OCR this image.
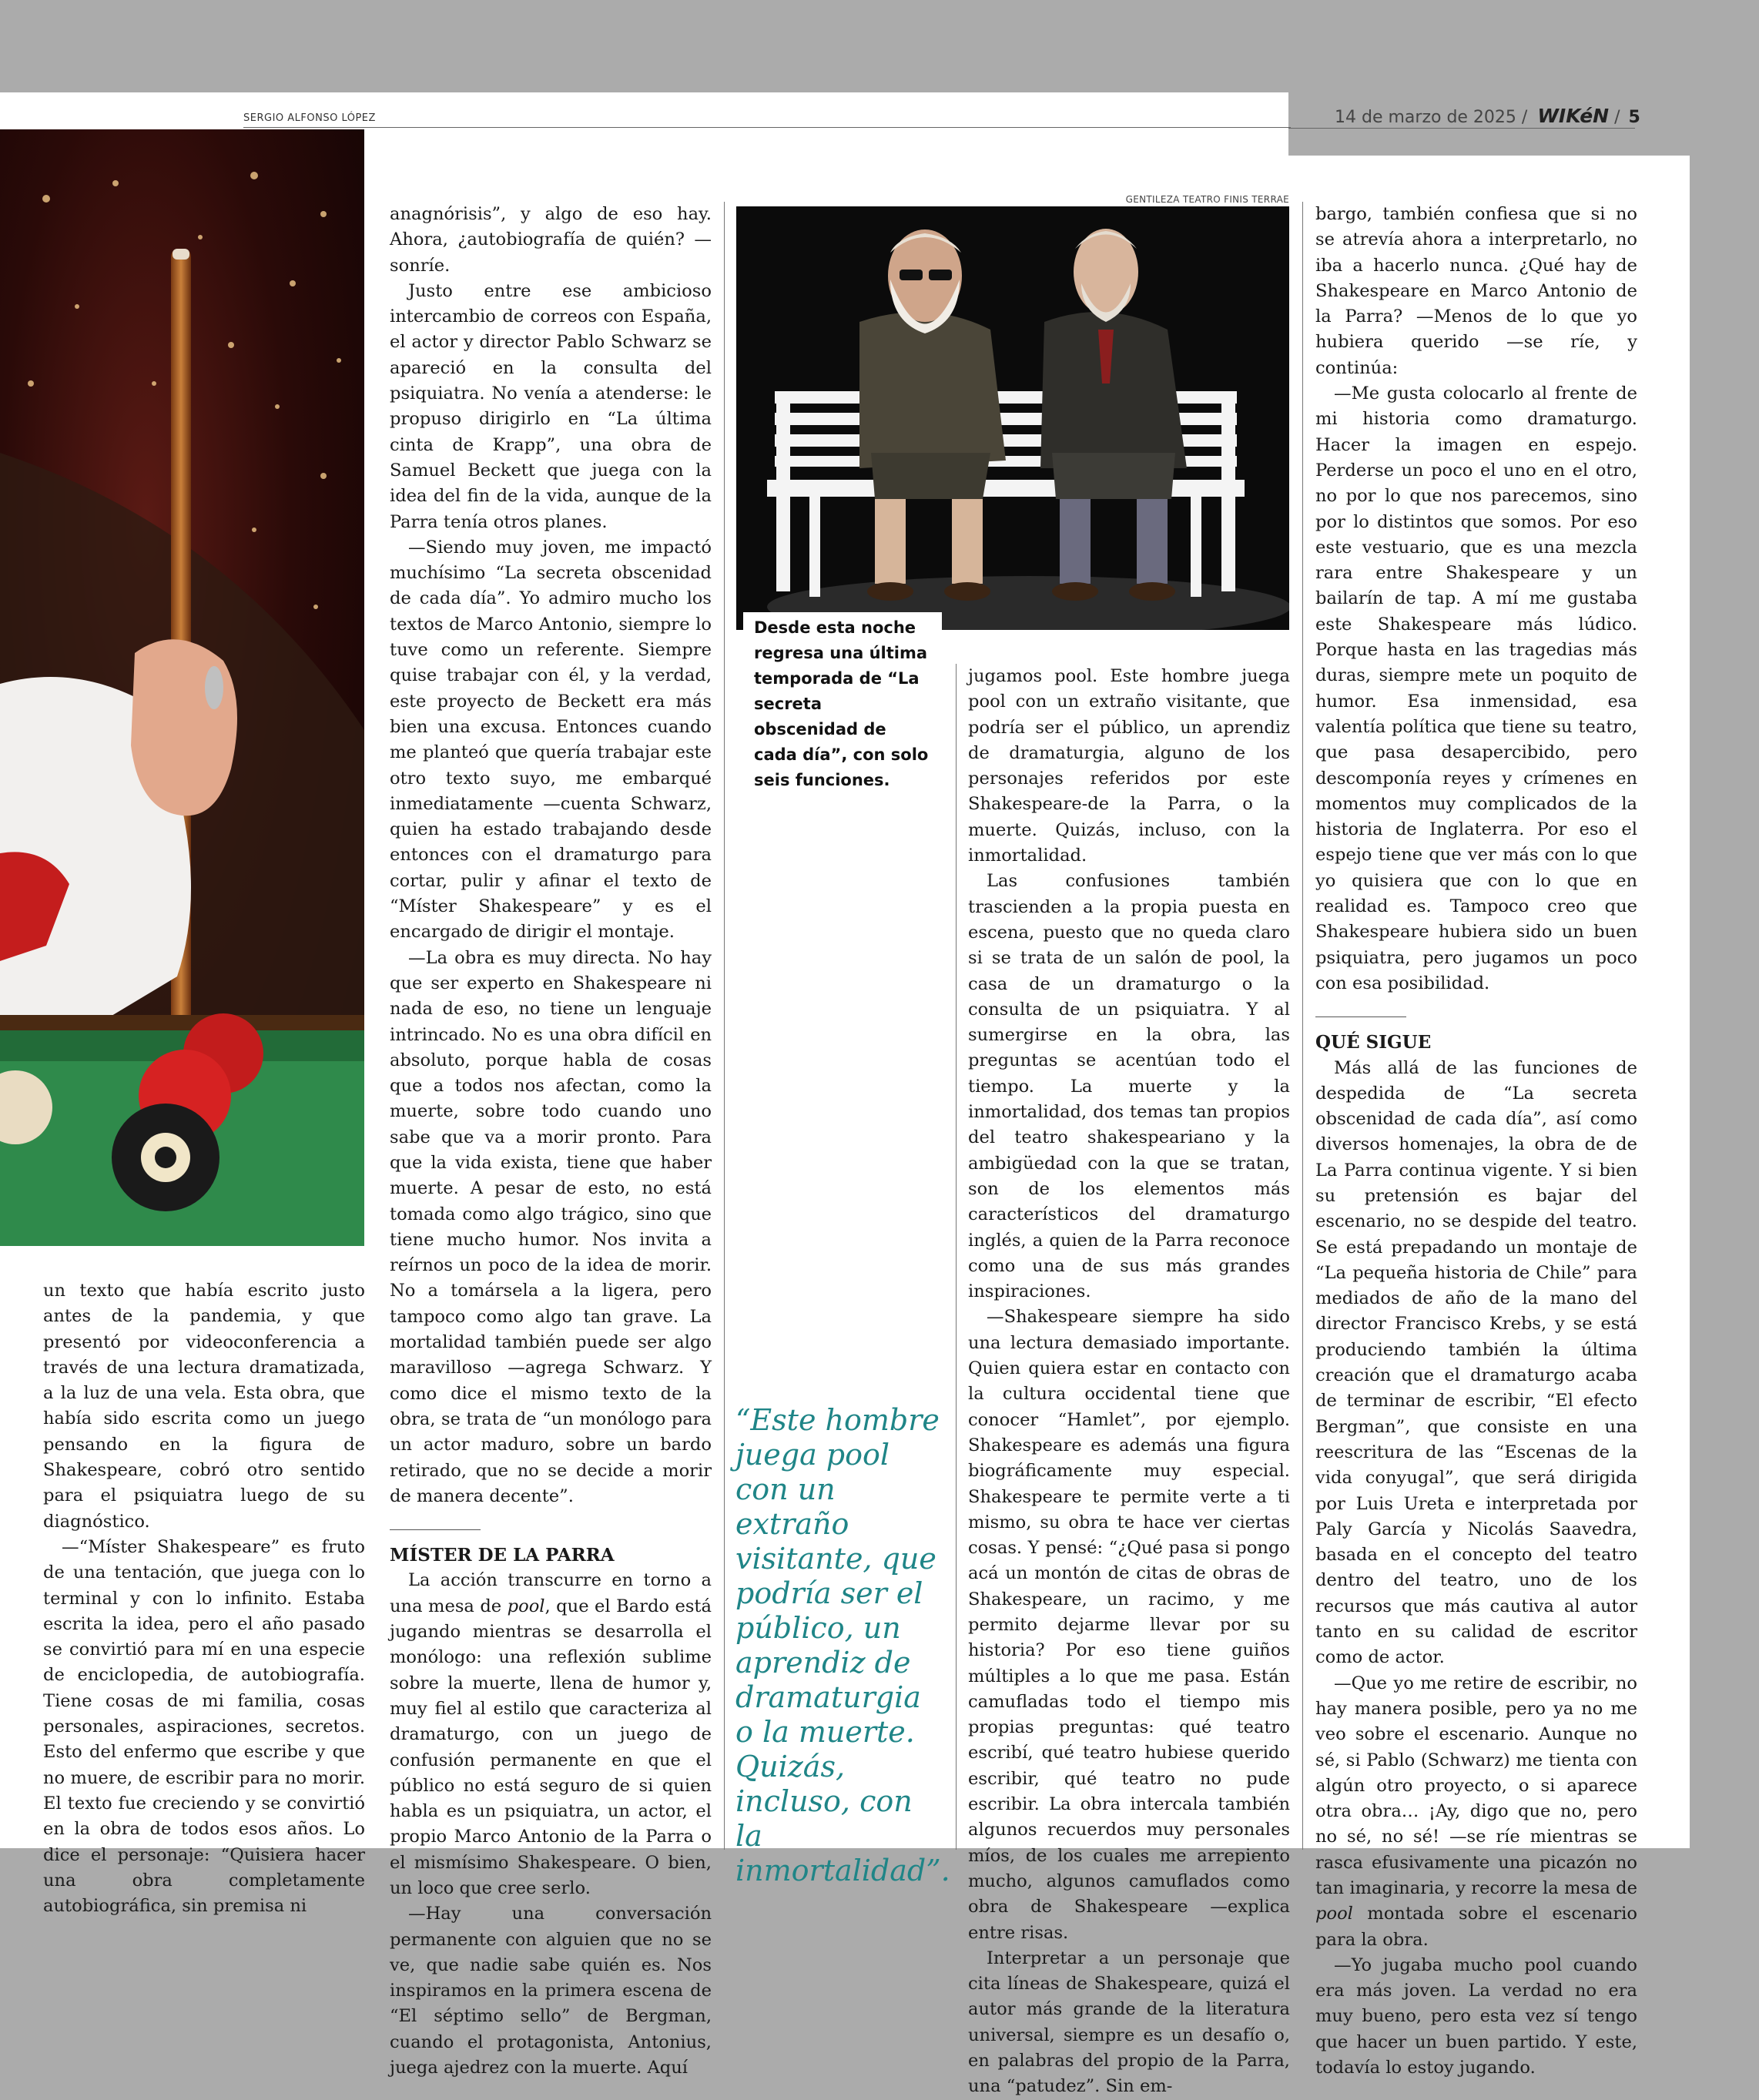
SERGIO ALFONSO LÓPEZ	14 de marzo de 2025 / WIKéN / 5
GENTILEZA TEATRO FINIS TERRAE
Desde esta noche regresa una última temporada de “La secreta obscenidad de cada día”, con solo seis funciones.
“Este hombre juega pool con un extraño visitante, que podría ser el público, un aprendiz de dramaturgia o la muerte. Quizás, incluso, con la inmortalidad”.

un texto que había escrito justo antes de la pandemia, y que presentó por videoconferencia a través de una lectura dramatizada, a la luz de una vela. Esta obra, que había sido escrita como un juego pensando en la figura de Shakespeare, cobró otro sentido para el psiquiatra luego de su diagnóstico.

—“Míster Shakespeare” es fruto de una tentación, que juega con lo terminal y con lo infinito. Estaba escrita la idea, pero el año pasado se convirtió para mí en una especie de enciclopedia, de autobiografía. Tiene cosas de mi familia, cosas personales, aspiraciones, secretos. Esto del enfermo que escribe y que no muere, de escribir para no morir. El texto fue creciendo y se convirtió en la obra de todos esos años. Lo dice el personaje: “Quisiera hacer una obra completamente autobiográfica, sin premisa ni

anagnórisis”, y algo de eso hay. Ahora, ¿autobiografía de quién? —sonríe.

Justo entre ese ambicioso intercambio de correos con España, el actor y director Pablo Schwarz se apareció en la consulta del psiquiatra. No venía a atenderse: le propuso dirigirlo en “La última cinta de Krapp”, una obra de Samuel Beckett que juega con la idea del fin de la vida, aunque de la Parra tenía otros planes.

—Siendo muy joven, me impactó muchísimo “La secreta obscenidad de cada día”. Yo admiro mucho los textos de Marco Antonio, siempre lo tuve como un referente. Siempre quise trabajar con él, y la verdad, este proyecto de Beckett era más bien una excusa. Entonces cuando me planteó que quería trabajar este otro texto suyo, me embarqué inmediatamente —cuenta Schwarz, quien ha estado trabajando desde entonces con el dramaturgo para cortar, pulir y afinar el texto de “Míster Shakespeare” y es el encargado de dirigir el montaje.

—La obra es muy directa. No hay que ser experto en Shakespeare ni nada de eso, no tiene un lenguaje intrincado. No es una obra difícil en absoluto, porque habla de cosas que a todos nos afectan, como la muerte, sobre todo cuando uno sabe que va a morir pronto. Para que la vida exista, tiene que haber muerte. A pesar de esto, no está tomada como algo trágico, sino que tiene mucho humor. Nos invita a reírnos un poco de la idea de morir. No a tomársela a la ligera, pero tampoco como algo tan grave. La mortalidad también puede ser algo maravilloso —agrega Schwarz. Y como dice el mismo texto de la obra, se trata de “un monólogo para un actor maduro, sobre un bardo retirado, que no se decide a morir de manera decente”.

MÍSTER DE LA PARRA

La acción transcurre en torno a una mesa de pool, que el Bardo está jugando mientras se desarrolla el monólogo: una reflexión sublime sobre la muerte, llena de humor y, muy fiel al estilo que caracteriza al dramaturgo, con un juego de confusión permanente en que el público no está seguro de si quien habla es un psiquiatra, un actor, el propio Marco Antonio de la Parra o el mismísimo Shakespeare. O bien, un loco que cree serlo.

—Hay una conversación permanente con alguien que no se ve, que nadie sabe quién es. Nos inspiramos en la primera escena de “El séptimo sello” de Bergman, cuando el protagonista, Antonius, juega ajedrez con la muerte. Aquí

jugamos pool. Este hombre juega pool con un extraño visitante, que podría ser el público, un aprendiz de dramaturgia, alguno de los personajes referidos por este Shakespeare-de la Parra, o la muerte. Quizás, incluso, con la inmortalidad.

Las confusiones también trascienden a la propia puesta en escena, puesto que no queda claro si se trata de un salón de pool, la casa de un dramaturgo o la consulta de un psiquiatra. Y al sumergirse en la obra, las preguntas se acentúan todo el tiempo. La muerte y la inmortalidad, dos temas tan propios del teatro shakespeariano y la ambigüedad con la que se tratan, son de los elementos más característicos del dramaturgo inglés, a quien de la Parra reconoce como una de sus más grandes inspiraciones.

—Shakespeare siempre ha sido una lectura demasiado importante. Quien quiera estar en contacto con la cultura occidental tiene que conocer “Hamlet”, por ejemplo. Shakespeare es además una figura biográficamente muy especial. Shakespeare te permite verte a ti mismo, su obra te hace ver ciertas cosas. Y pensé: “¿Qué pasa si pongo acá un montón de citas de obras de Shakespeare, un racimo, y me permito dejarme llevar por su historia? Por eso tiene guiños múltiples a lo que me pasa. Están camufladas todo el tiempo mis propias preguntas: qué teatro escribí, qué teatro hubiese querido escribir, qué teatro no pude escribir. La obra intercala también algunos recuerdos muy personales míos, de los cuales me arrepiento mucho, algunos camuflados como obra de Shakespeare —explica entre risas.

Interpretar a un personaje que cita líneas de Shakespeare, quizá el autor más grande de la literatura universal, siempre es un desafío o, en palabras del propio de la Parra, una “patudez”. Sin em-

bargo, también confiesa que si no se atrevía ahora a interpretarlo, no iba a hacerlo nunca. ¿Qué hay de Shakespeare en Marco Antonio de la Parra? —Menos de lo que yo hubiera querido —se ríe, y continúa:

—Me gusta colocarlo al frente de mi historia como dramaturgo. Hacer la imagen en espejo. Perderse un poco el uno en el otro, no por lo que nos parecemos, sino por lo distintos que somos. Por eso este vestuario, que es una mezcla rara entre Shakespeare y un bailarín de tap. A mí me gustaba este Shakespeare más lúdico. Porque hasta en las tragedias más duras, siempre mete un poquito de humor. Esa inmensidad, esa valentía política que tiene su teatro, que pasa desapercibido, pero descomponía reyes y crímenes en momentos muy complicados de la historia de Inglaterra. Por eso el espejo tiene que ver más con lo que yo quisiera que con lo que en realidad es. Tampoco creo que Shakespeare hubiera sido un buen psiquiatra, pero jugamos un poco con esa posibilidad.

QUÉ SIGUE

Más allá de las funciones de despedida de “La secreta obscenidad de cada día”, así como diversos homenajes, la obra de de La Parra continua vigente. Y si bien su pretensión es bajar del escenario, no se despide del teatro. Se está prepadando un montaje de “La pequeña historia de Chile” para mediados de año de la mano del director Francisco Krebs, y se está produciendo también la última creación que el dramaturgo acaba de terminar de escribir, “El efecto Bergman”, que consiste en una reescritura de las “Escenas de la vida conyugal”, que será dirigida por Luis Ureta e interpretada por Paly García y Nicolás Saavedra, basada en el concepto del teatro dentro del teatro, uno de los recursos que más cautiva al autor tanto en su calidad de escritor como de actor.

—Que yo me retire de escribir, no hay manera posible, pero ya no me veo sobre el escenario. Aunque no sé, si Pablo (Schwarz) me tienta con algún otro proyecto, o si aparece otra obra… ¡Ay, digo que no, pero no sé, no sé! —se ríe mientras se rasca efusivamente una picazón no tan imaginaria, y recorre la mesa de pool montada sobre el escenario para la obra.

—Yo jugaba mucho pool cuando era más joven. La verdad no era muy bueno, pero esta vez sí tengo que hacer un buen partido. Y este, todavía lo estoy jugando.
